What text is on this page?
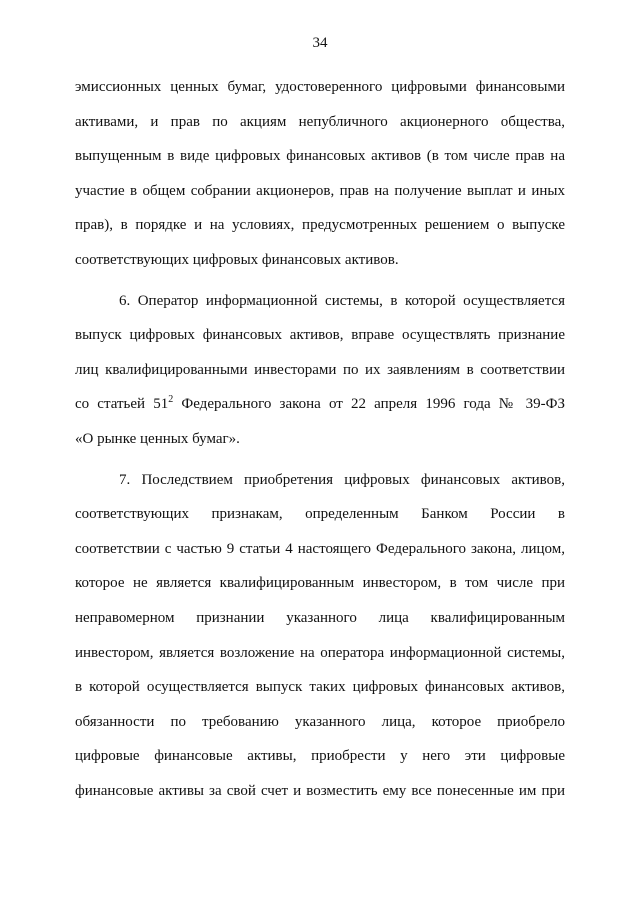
34
эмиссионных ценных бумаг, удостоверенного цифровыми финансовыми
активами, и прав по акциям непубличного акционерного общества,
выпущенным в виде цифровых финансовых активов (в том числе прав на
участие в общем собрании акционеров, прав на получение выплат и иных
прав), в порядке и на условиях, предусмотренных решением о выпуске
соответствующих цифровых финансовых активов.
6. Оператор информационной системы, в которой осуществляется
выпуск цифровых финансовых активов, вправе осуществлять признание
лиц квалифицированными инвесторами по их заявлениям в соответствии
со статьей $51^2$ Федерального закона от 22 апреля 1996 года № 39-ФЗ
«О рынке ценных бумаг».
7. Последствием приобретения цифровых финансовых активов,
соответствующих признакам, определенным Банком России в
соответствии с частью 9 статьи 4 настоящего Федерального закона, лицом,
которое не является квалифицированным инвестором, в том числе при
неправомерном признании указанного лица квалифицированным
инвестором, является возложение на оператора информационной системы,
в которой осуществляется выпуск таких цифровых финансовых активов,
обязанности по требованию указанного лица, которое приобрело
цифровые финансовые активы, приобрести у него эти цифровые
финансовые активы за свой счет и возместить ему все понесенные им при
